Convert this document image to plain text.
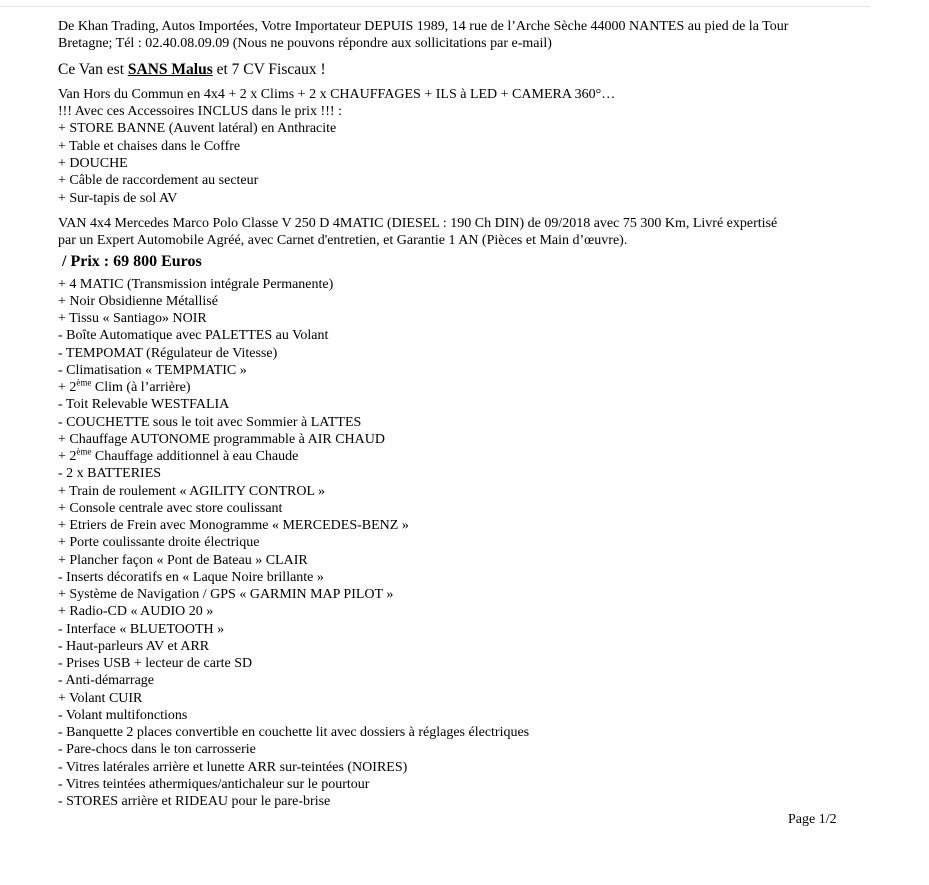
De Khan Trading, Autos Importées, Votre Importateur DEPUIS 1989, 14 rue de l’Arche Sèche 44000 NANTES au pied de la Tour

Bretagne; Tél : 02.40.08.09.09 (Nous ne pouvons répondre aux sollicitations par e-mail)

Ce Van est SANS Malus et 7 CV Fiscaux !

Van Hors du Commun en 4x4 + 2 x Clims + 2 x CHAUFFAGES + ILS à LED + CAMERA 360°…

!!! Avec ces Accessoires INCLUS dans le prix !!! :

+ STORE BANNE (Auvent latéral) en Anthracite

+ Table et chaises dans le Coffre

+ DOUCHE

+ Câble de raccordement au secteur

+ Sur-tapis de sol AV

VAN 4x4 Mercedes Marco Polo Classe V 250 D 4MATIC (DIESEL : 190 Ch DIN) de 09/2018 avec 75 300 Km, Livré expertisé

par un Expert Automobile Agréé, avec Carnet d'entretien, et Garantie 1 AN (Pièces et Main d’œuvre).

/ Prix : 69 800 Euros

+ 4 MATIC (Transmission intégrale Permanente)
+ Noir Obsidienne Métallisé
+ Tissu « Santiago» NOIR
- Boîte Automatique avec PALETTES au Volant
- TEMPOMAT (Régulateur de Vitesse)
- Climatisation « TEMPMATIC »
+ 2ème Clim (à l’arrière)
- Toit Relevable WESTFALIA
- COUCHETTE sous le toit avec Sommier à LATTES
+ Chauffage AUTONOME programmable à AIR CHAUD
+ 2ème Chauffage additionnel à eau Chaude
- 2 x BATTERIES
+ Train de roulement « AGILITY CONTROL »
+ Console centrale avec store coulissant
+ Etriers de Frein avec Monogramme « MERCEDES-BENZ »
+ Porte coulissante droite électrique
+ Plancher façon « Pont de Bateau » CLAIR
- Inserts décoratifs en « Laque Noire brillante »
+ Système de Navigation / GPS « GARMIN MAP PILOT »
+ Radio-CD « AUDIO 20 »
- Interface « BLUETOOTH »
- Haut-parleurs AV et ARR
- Prises USB + lecteur de carte SD
- Anti-démarrage
+ Volant CUIR
- Volant multifonctions
- Banquette 2 places convertible en couchette lit avec dossiers à réglages électriques
- Pare-chocs dans le ton carrosserie
- Vitres latérales arrière et lunette ARR sur-teintées (NOIRES)
- Vitres teintées athermiques/antichaleur sur le pourtour
- STORES arrière et RIDEAU pour le pare-brise
Page 1/2
